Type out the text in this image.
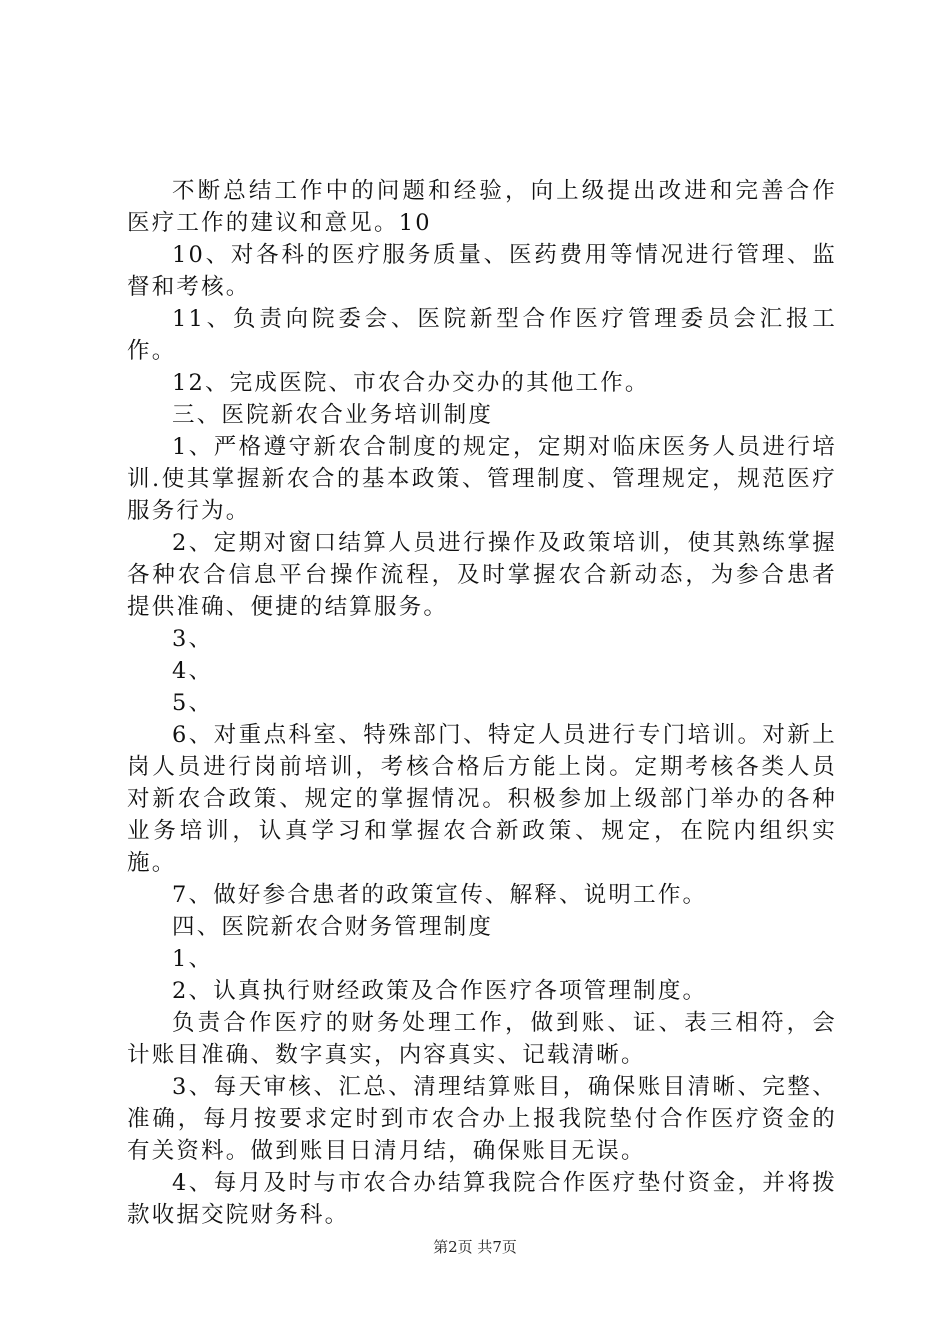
不断总结工作中的问题和经验，向上级提出改进和完善合作医疗工作的建议和意见。10

10、对各科的医疗服务质量、医药费用等情况进行管理、监督和考核。

11、负责向院委会、医院新型合作医疗管理委员会汇报工作。

12、完成医院、市农合办交办的其他工作。

三、医院新农合业务培训制度

1、严格遵守新农合制度的规定，定期对临床医务人员进行培训.使其掌握新农合的基本政策、管理制度、管理规定，规范医疗服务行为。

2、定期对窗口结算人员进行操作及政策培训，使其熟练掌握各种农合信息平台操作流程，及时掌握农合新动态，为参合患者提供准确、便捷的结算服务。

3、

4、

5、

6、对重点科室、特殊部门、特定人员进行专门培训。对新上岗人员进行岗前培训，考核合格后方能上岗。定期考核各类人员对新农合政策、规定的掌握情况。积极参加上级部门举办的各种业务培训，认真学习和掌握农合新政策、规定，在院内组织实施。

7、做好参合患者的政策宣传、解释、说明工作。

四、医院新农合财务管理制度

1、

2、认真执行财经政策及合作医疗各项管理制度。

负责合作医疗的财务处理工作，做到账、证、表三相符，会计账目准确、数字真实，内容真实、记载清晰。

3、每天审核、汇总、清理结算账目，确保账目清晰、完整、准确，每月按要求定时到市农合办上报我院垫付合作医疗资金的有关资料。做到账目日清月结，确保账目无误。

4、每月及时与市农合办结算我院合作医疗垫付资金，并将拨款收据交院财务科。

第2页 共7页
